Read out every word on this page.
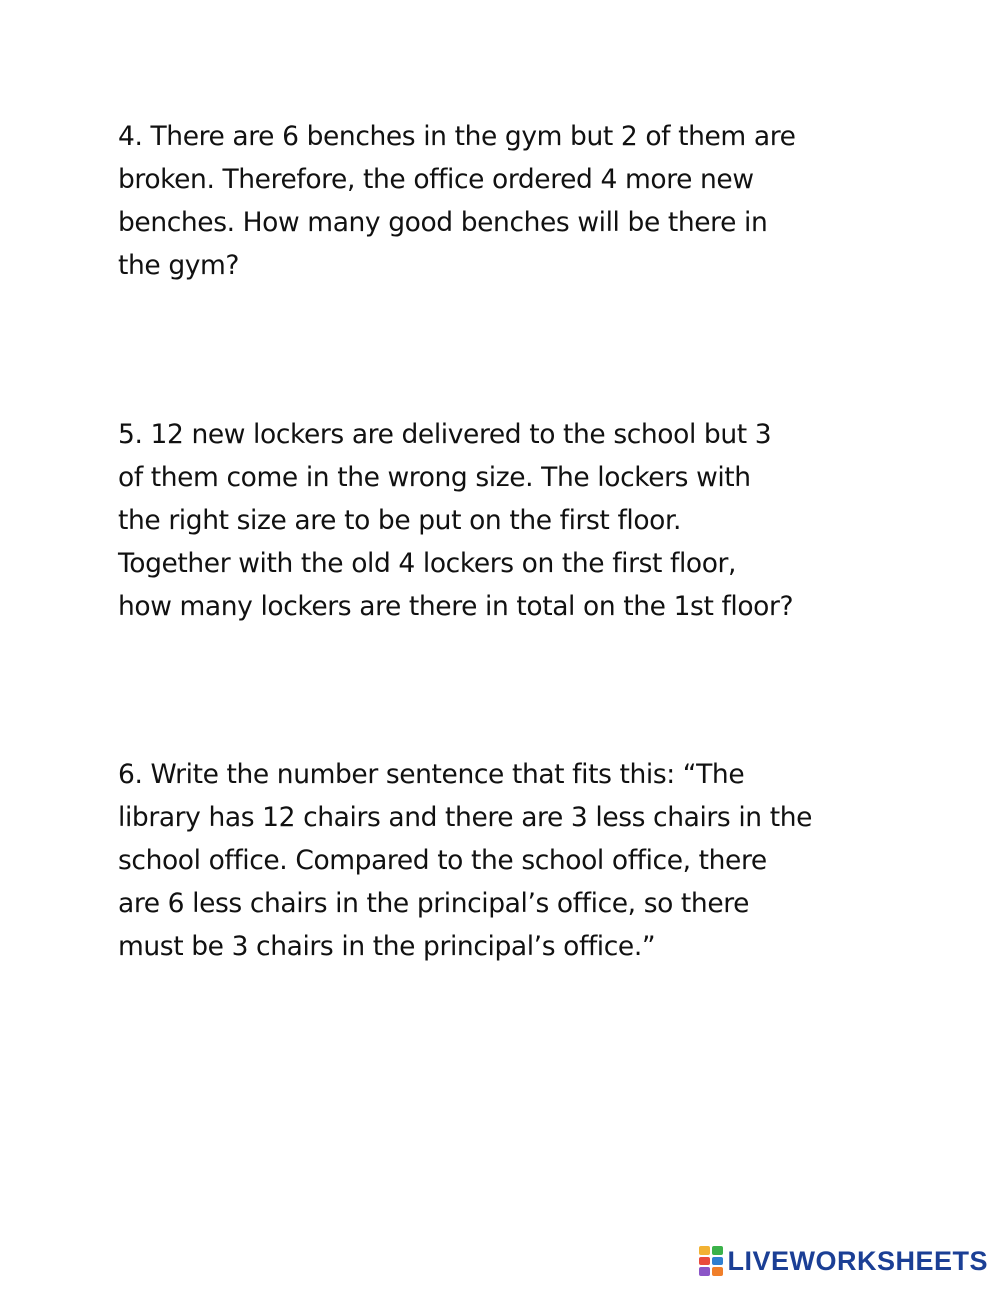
4. There are 6 benches in the gym but 2 of them are
broken. Therefore, the office ordered 4 more new
benches. How many good benches will be there in
the gym?
5. 12 new lockers are delivered to the school but 3
of them come in the wrong size. The lockers with
the right size are to be put on the first floor.
Together with the old 4 lockers on the first floor,
how many lockers are there in total on the 1st floor?
6. Write the number sentence that fits this: “The
library has 12 chairs and there are 3 less chairs in the
school office. Compared to the school office, there
are 6 less chairs in the principal’s office, so there
must be 3 chairs in the principal’s office.”
LIVEWORKSHEETS
